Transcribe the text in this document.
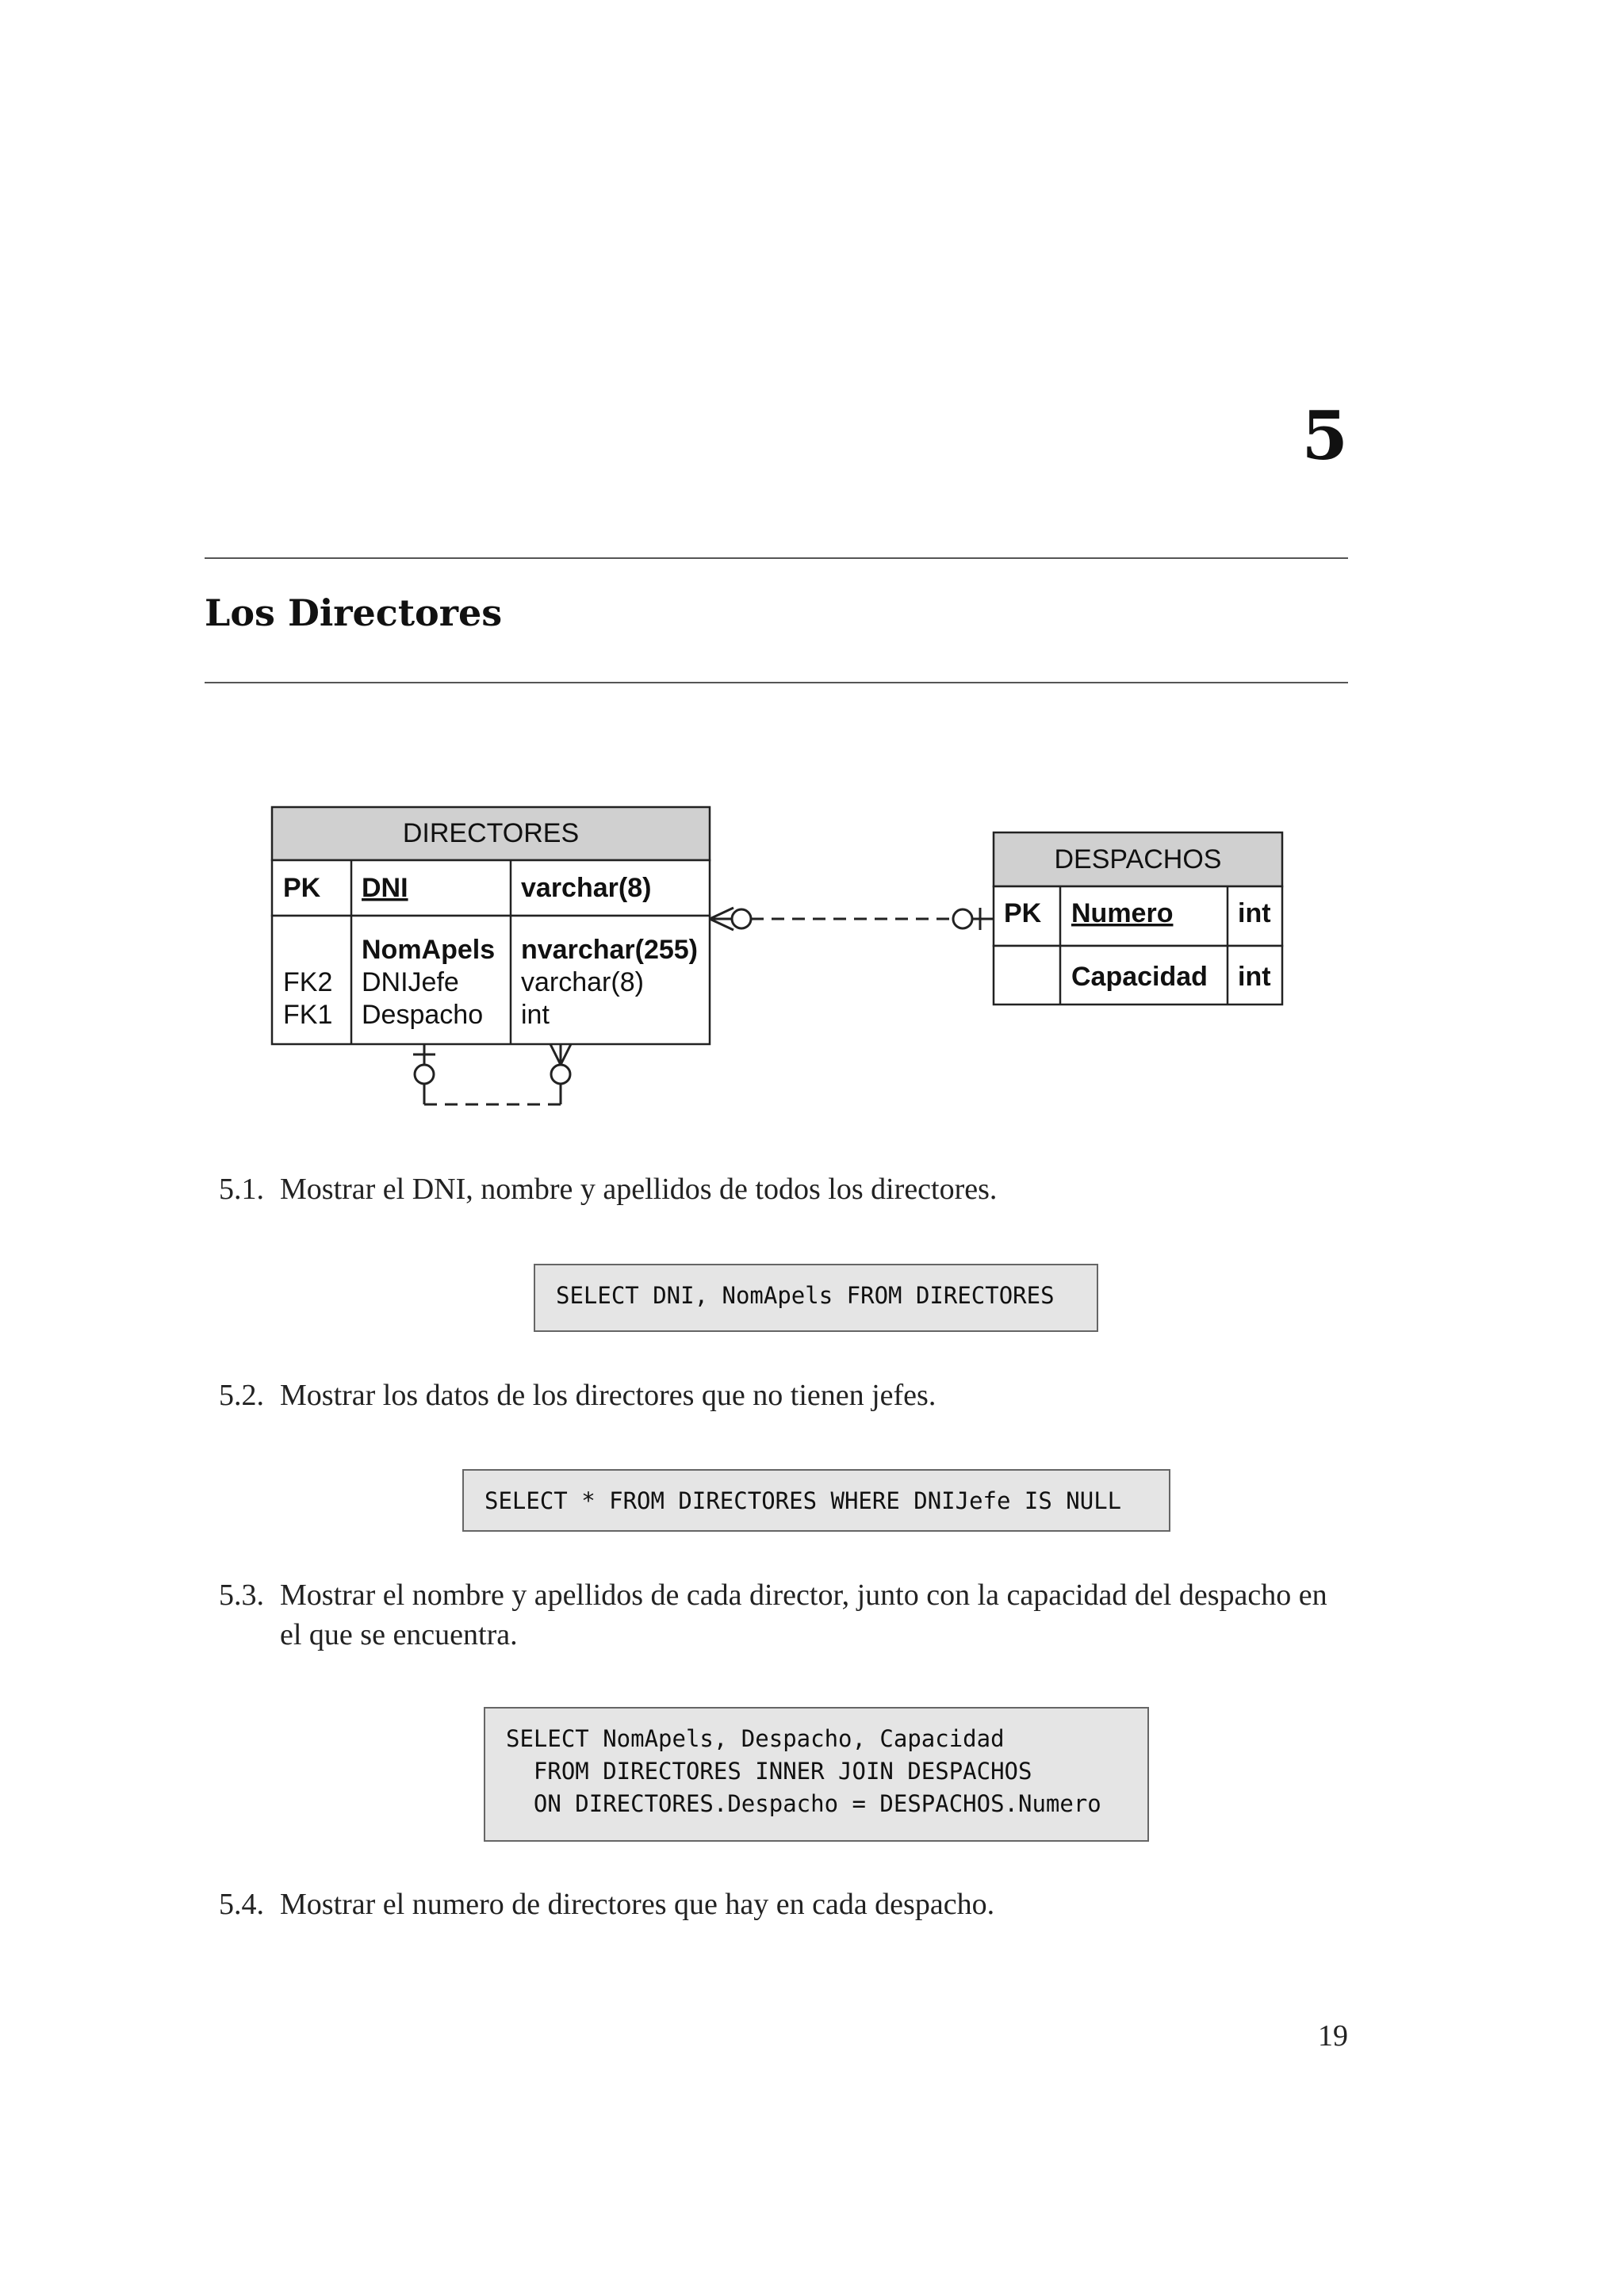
5
Los Directores
DIRECTORES
PK DNI	varchar(8)
NomApels nvarchar(255)
FK2 DNIJefe varchar(8)
FK1 Despacho int
DESPACHOS
PK Numero int
Capacidad int
5.1. Mostrar el DNI, nombre y apellidos de todos los directores.
SELECT DNI, NomApels FROM DIRECTORES
5.2. Mostrar los datos de los directores que no tienen jefes.
SELECT * FROM DIRECTORES WHERE DNIJefe IS NULL
5.3. Mostrar el nombre y apellidos de cada director, junto con la capacidad del despacho en el que se encuentra.
SELECT NomApels, Despacho, Capacidad
FROM DIRECTORES INNER JOIN DESPACHOS
ON DIRECTORES.Despacho = DESPACHOS.Numero
5.4. Mostrar el numero de directores que hay en cada despacho.
19
